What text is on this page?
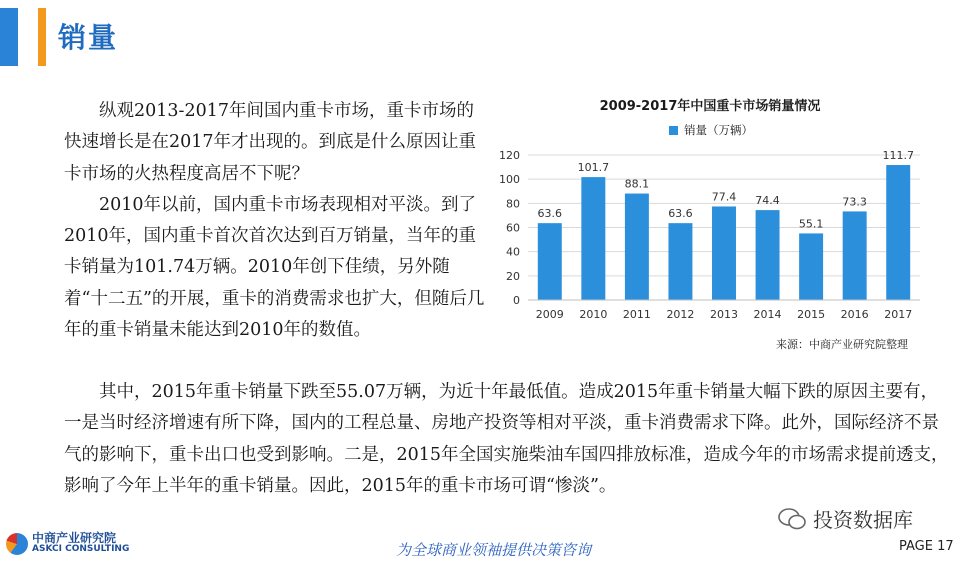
销量

纵观2013-2017年间国内重卡市场，重卡市场的快速增长是在2017年才出现的。到底是什么原因让重卡市场的火热程度高居不下呢？

2010年以前，国内重卡市场表现相对平淡。到了2010年，国内重卡首次首次达到百万销量，当年的重卡销量为101.74万辆。2010年创下佳绩，另外随着“十二五”的开展，重卡的消费需求也扩大，但随后几年的重卡销量未能达到2010年的数值。

2009-2017年中国重卡市场销量情况
销量（万辆）
0
20
40
60
80
100
120
63.6
2009
101.7
2010
88.1
2011
63.6
2012
77.4
2013
74.4
2014
55.1
2015
73.3
2016
111.7
2017
来源：中商产业研究院整理

其中，2015年重卡销量下跌至55.07万辆，为近十年最低值。造成2015年重卡销量大幅下跌的原因主要有，一是当时经济增速有所下降，国内的工程总量、房地产投资等相对平淡，重卡消费需求下降。此外，国际经济不景气的影响下，重卡出口也受到影响。二是，2015年全国实施柴油车国四排放标准，造成今年的市场需求提前透支，影响了今年上半年的重卡销量。因此，2015年的重卡市场可谓“惨淡”。

中商产业研究院
ASKCI CONSULTING	为全球商业领袖提供决策咨询
投资数据库
PAGE 17
